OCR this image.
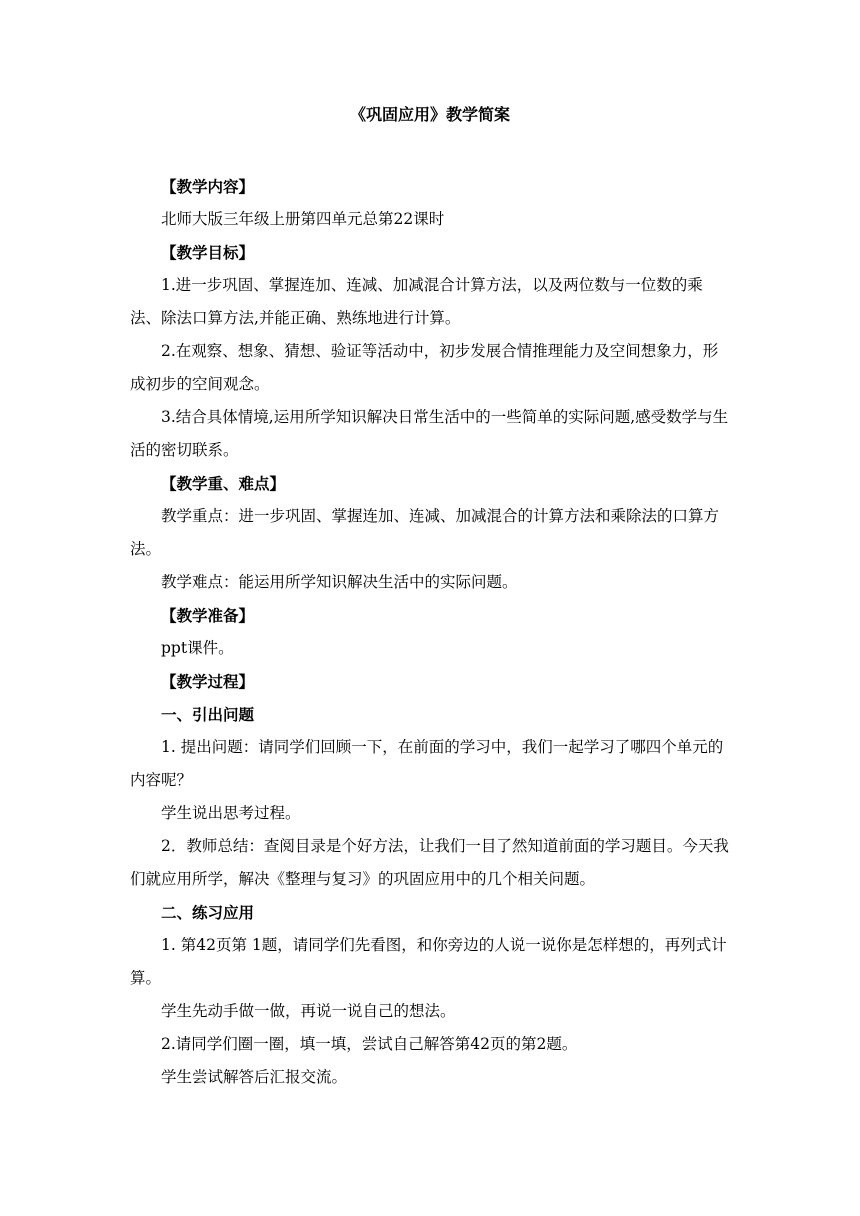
《巩固应用》教学简案

【教学内容】

北师大版三年级上册第四单元总第22课时

【教学目标】

1.进一步巩固、掌握连加、连减、加减混合计算方法，以及两位数与一位数的乘法、除法口算方法,并能正确、熟练地进行计算。

2.在观察、想象、猜想、验证等活动中，初步发展合情推理能力及空间想象力，形成初步的空间观念。

3.结合具体情境,运用所学知识解决日常生活中的一些简单的实际问题,感受数学与生活的密切联系。

【教学重、难点】

教学重点：进一步巩固、掌握连加、连减、加减混合的计算方法和乘除法的口算方法。

教学难点：能运用所学知识解决生活中的实际问题。

【教学准备】

ppt课件。

【教学过程】

一、引出问题

1. 提出问题：请同学们回顾一下，在前面的学习中，我们一起学习了哪四个单元的内容呢？

学生说出思考过程。

2．教师总结：查阅目录是个好方法，让我们一目了然知道前面的学习题目。今天我们就应用所学，解决《整理与复习》的巩固应用中的几个相关问题。

二、练习应用

1. 第42页第 1题，请同学们先看图，和你旁边的人说一说你是怎样想的，再列式计算。

学生先动手做一做，再说一说自己的想法。

2.请同学们圈一圈，填一填，尝试自己解答第42页的第2题。

学生尝试解答后汇报交流。
